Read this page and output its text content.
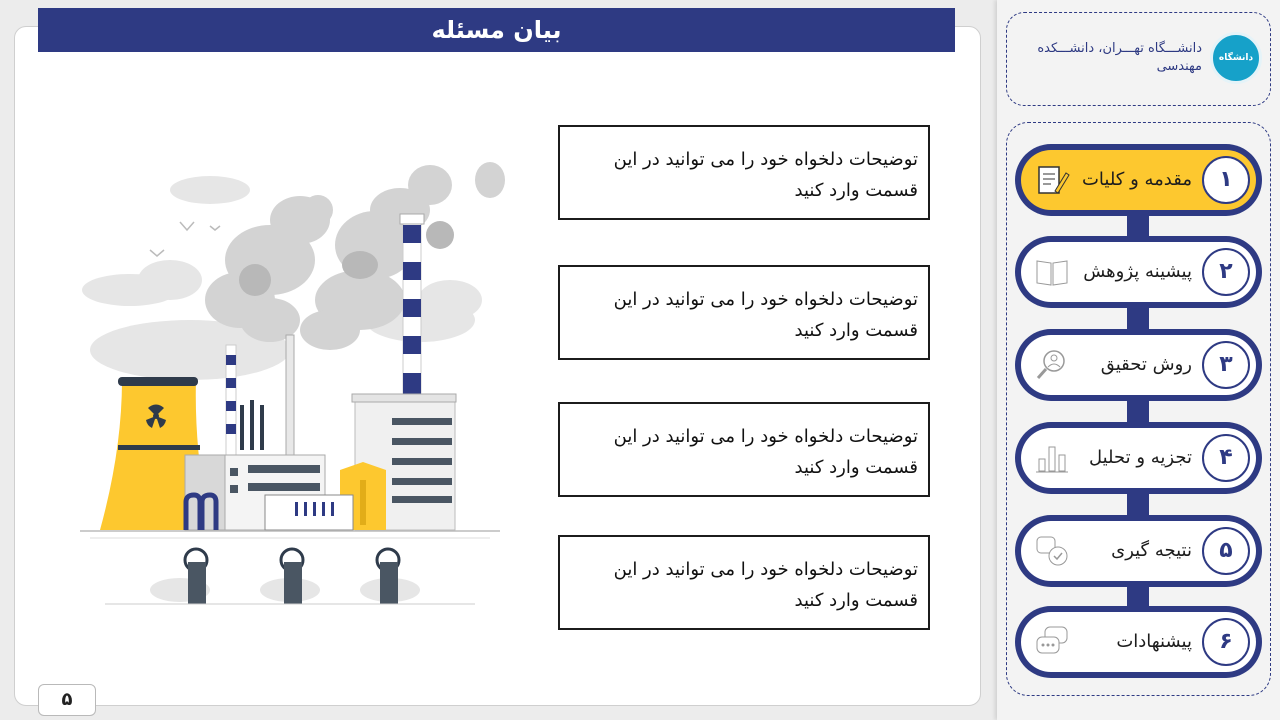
بیان مسئله
توضیحات دلخواه خود را می توانید در این قسمت وارد کنید
توضیحات دلخواه خود را می توانید در این قسمت وارد کنید
توضیحات دلخواه خود را می توانید در این قسمت وارد کنید
توضیحات دلخواه خود را می توانید در این قسمت وارد کنید
۵
دانشگاه
دانشـــگاه تهـــران، دانشـــکده مهندسی
۱
مقدمه و کلیات
۲
پیشینه پژوهش
۳
روش تحقیق
۴
تجزیه و تحلیل
۵
نتیجه گیری
۶
پیشنهادات
